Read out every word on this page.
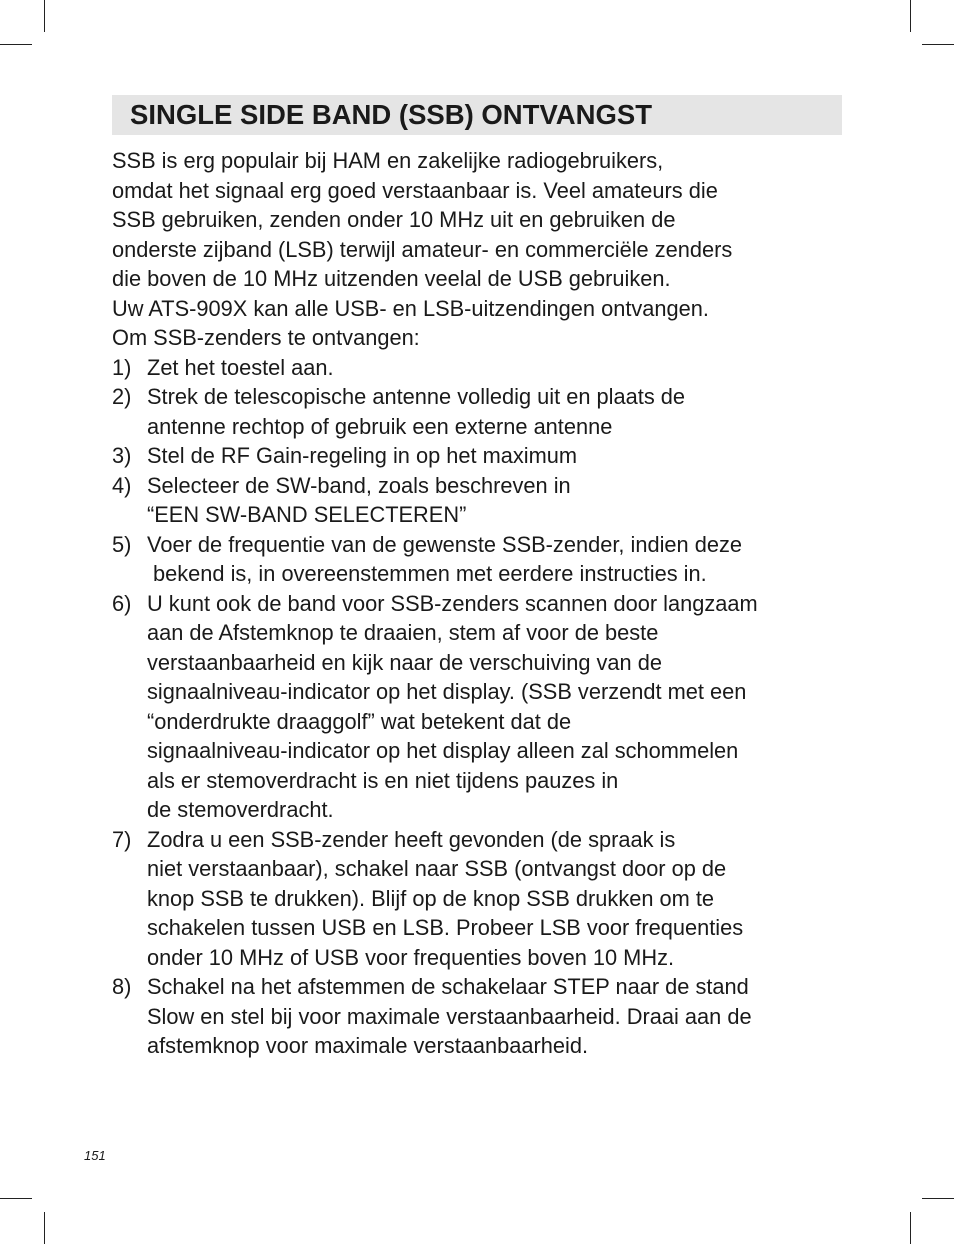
SINGLE SIDE BAND (SSB) ONTVANGST
SSB is erg populair bij HAM en zakelijke radiogebruikers,
omdat het signaal erg goed verstaanbaar is. Veel amateurs die
SSB gebruiken, zenden onder 10 MHz uit en gebruiken de
onderste zijband (LSB) terwijl amateur- en commerciële zenders
die boven de 10 MHz uitzenden veelal de USB gebruiken.
Uw ATS-909X kan alle USB- en LSB-uitzendingen ontvangen.
Om SSB-zenders te ontvangen:
1) Zet het toestel aan.
2) Strek de telescopische antenne volledig uit en plaats de
antenne rechtop of gebruik een externe antenne
3) Stel de RF Gain-regeling in op het maximum
4) Selecteer de SW-band, zoals beschreven in
“EEN SW-BAND SELECTEREN”
5) Voer de frequentie van de gewenste SSB-zender, indien deze
bekend is, in overeenstemmen met eerdere instructies in.
6) U kunt ook de band voor SSB-zenders scannen door langzaam
aan de Afstemknop te draaien, stem af voor de beste
verstaanbaarheid en kijk naar de verschuiving van de
signaalniveau-indicator op het display. (SSB verzendt met een
“onderdrukte draaggolf” wat betekent dat de
signaalniveau-indicator op het display alleen zal schommelen
als er stemoverdracht is en niet tijdens pauzes in
de stemoverdracht.
7) Zodra u een SSB-zender heeft gevonden (de spraak is
niet verstaanbaar), schakel naar SSB (ontvangst door op de
knop SSB te drukken). Blijf op de knop SSB drukken om te
schakelen tussen USB en LSB. Probeer LSB voor frequenties
onder 10 MHz of USB voor frequenties boven 10 MHz.
8) Schakel na het afstemmen de schakelaar STEP naar de stand
Slow en stel bij voor maximale verstaanbaarheid. Draai aan de
afstemknop voor maximale verstaanbaarheid.
151
